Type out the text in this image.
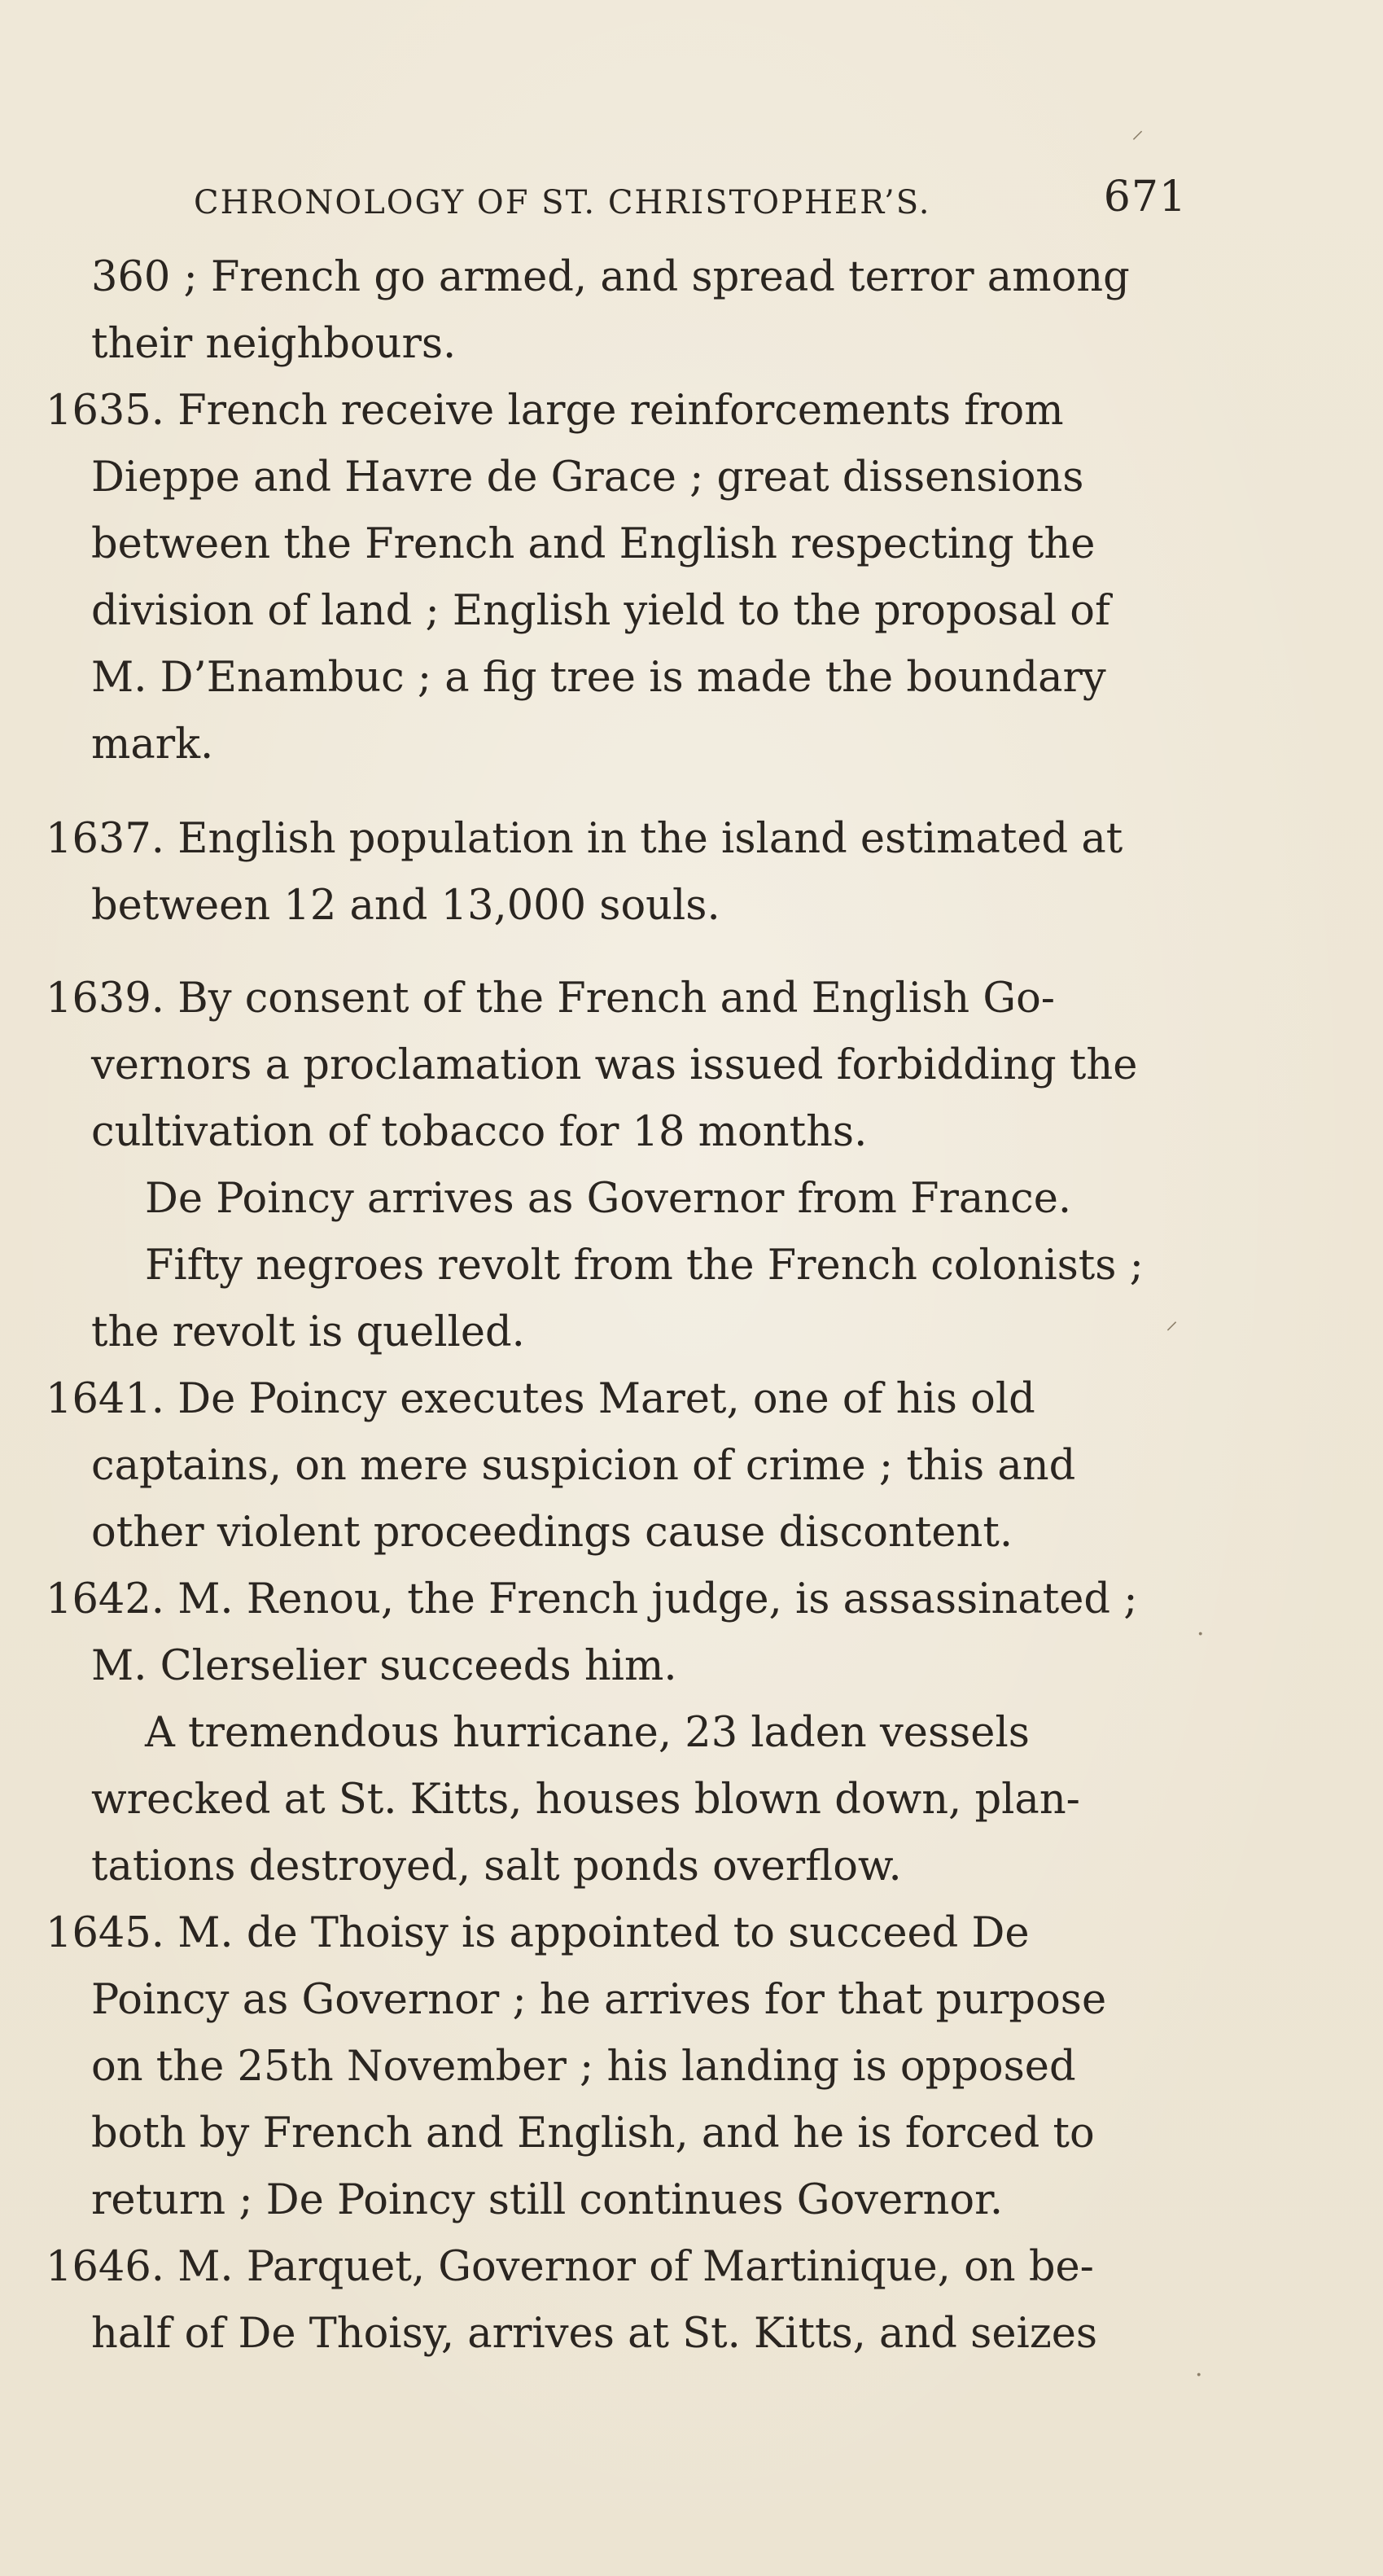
CHRONOLOGY OF ST. CHRISTOPHER’S.	671
360 ; French go armed, and spread terror among
their neighbours.
1635. French receive large reinforcements from
Dieppe and Havre de Grace ; great dissensions
between the French and English respecting the
division of land ; English yield to the proposal of
M. D’Enambuc ; a fig tree is made the boundary
mark.
1637. English population in the island estimated at
between 12 and 13,000 souls.
1639. By consent of the French and English Go-
vernors a proclamation was issued forbidding the
cultivation of tobacco for 18 months.
De Poincy arrives as Governor from France.
Fifty negroes revolt from the French colonists ;
the revolt is quelled.
1641. De Poincy executes Maret, one of his old
captains, on mere suspicion of crime ; this and
other violent proceedings cause discontent.
1642. M. Renou, the French judge, is assassinated ;
M. Clerselier succeeds him.
A tremendous hurricane, 23 laden vessels
wrecked at St. Kitts, houses blown down, plan-
tations destroyed, salt ponds overflow.
1645. M. de Thoisy is appointed to succeed De
Poincy as Governor ; he arrives for that purpose
on the 25th November ; his landing is opposed
both by French and English, and he is forced to
return ; De Poincy still continues Governor.
1646. M. Parquet, Governor of Martinique, on be-
half of De Thoisy, arrives at St. Kitts, and seizes
⸍
·
⸝
·
